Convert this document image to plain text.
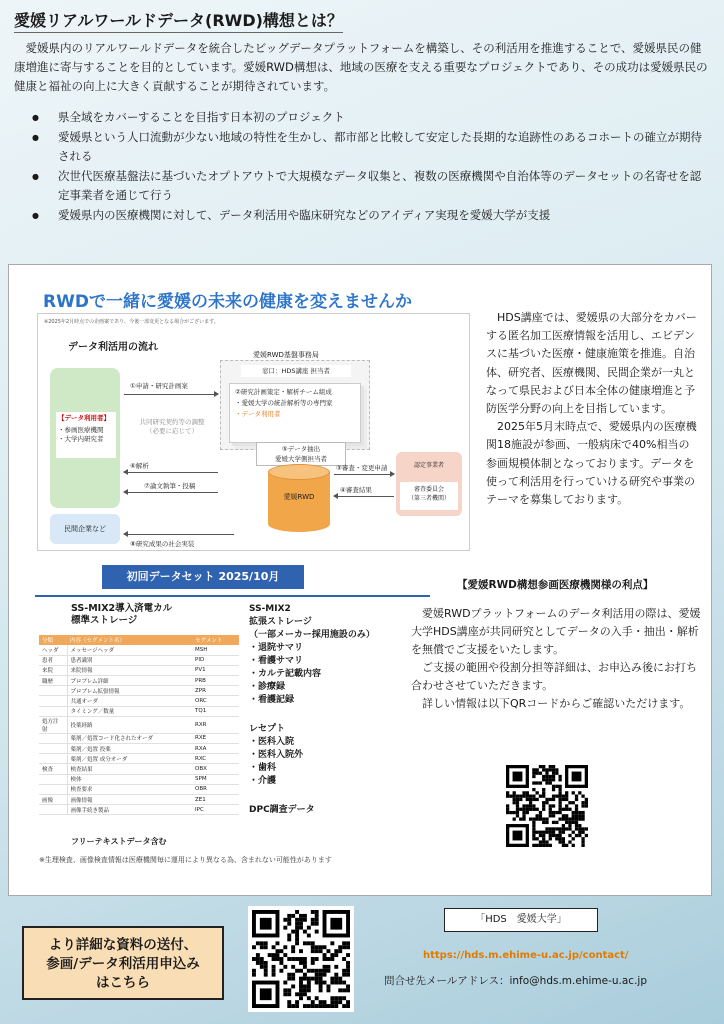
愛媛リアルワールドデータ(RWD)構想とは？

愛媛県内のリアルワールドデータを統合したビッグデータプラットフォームを構築し、その利活用を推進することで、愛媛県民の健康増進に寄与することを目的としています。愛媛RWD構想は、地域の医療を支える重要なプロジェクトであり、その成功は愛媛県民の健康と福祉の向上に大きく貢献することが期待されています。

● 県全域をカバーすることを目指す日本初のプロジェクト
● 愛媛県という人口流動が少ない地域の特性を生かし、都市部と比較して安定した長期的な追跡性のあるコホートの確立が期待される
● 次世代医療基盤法に基づいたオプトアウトで大規模なデータ収集と、複数の医療機関や自治体等のデータセットの名寄せを認定事業者を通じて行う
● 愛媛県内の医療機関に対して、データ利活用や臨床研究などのアイディア実現を愛媛大学が支援
RWDで一緒に愛媛の未来の健康を変えませんか
※2025年2月時点での企画案であり、今後一部変更となる場合がございます。
データ利活用の流れ
【データ利用者】
・参画医療機関
・大学内研究者
民間企業など
愛媛RWD基盤事務局
窓口：HDS講座 担当者
②研究計画策定・解析チーム組成
・愛媛大学の統計解析等の専門家
・データ利用者
①申請・研究計画案
共同研究契約等の調整
（必要に応じて）
⑥解析
⑦論文執筆・投稿
⑧研究成果の社会実装
⑤データ抽出
愛媛大学側担当者
愛媛RWD
③審査・変更申請
④審査結果
認定事業者
審査委員会
（第三者機関）

HDS講座では、愛媛県の大部分をカバーする匿名加工医療情報を活用し、エビデンスに基づいた医療・健康施策を推進。自治体、研究者、医療機関、民間企業が一丸となって県民および日本全体の健康増進と予防医学分野の向上を目指しています。

2025年5月末時点で、愛媛県内の医療機関18施設が参画、一般病床で40%相当の参画規模体制となっております。データを使って利活用を行っていける研究や事業のテーマを募集しております。

初回データセット 2025/10月
SS-MIX2導入済電カル
標準ストレージ
分類	内容（セグメント名）	セグメント
ヘッダ	メッセージヘッダ	MSH
患者	患者識別	PID
来院	来院情報	PV1
職歴	プロブレム詳細	PRB
	プロブレム拡張情報	ZPR
	共通オーダ	ORC
	タイミング／数量	TQ1
処方注射	投薬経路	RXR
	薬剤／処置コード化されたオーダ	RXE
	薬剤／処置 投薬	RXA
	薬剤／処置 成分オーダ	RXC
検査	検査結果	OBX
	検体	SPM
	検査要求	OBR
画像	画像情報	ZE1
	画像手続き製品	IPC
フリーテキストデータ含む
SS-MIX2
拡張ストレージ
（一部メーカー採用施設のみ）
・退院サマリ
・看護サマリ
・カルテ記載内容
・診療録
・看護記録
レセプト
・医科入院
・医科入院外
・歯科
・介護
DPC調査データ
※生理検査、画像検査情報は医療機関毎に運用により異なる為、含まれない可能性があります
【愛媛RWD構想参画医療機関様の利点】

愛媛RWDプラットフォームのデータ利活用の際は、愛媛大学HDS講座が共同研究としてデータの入手・抽出・解析を無償でご支援をいたします。

ご支援の範囲や役割分担等詳細は、お申込み後にお打ち合わせさせていただきます。

詳しい情報は以下QRコードからご確認いただけます。

より詳細な資料の送付、
参画/データ利活用申込み
はこちら
「HDS　愛媛大学」
https://hds.m.ehime-u.ac.jp/contact/
問合せ先メールアドレス：info@hds.m.ehime-u.ac.jp
